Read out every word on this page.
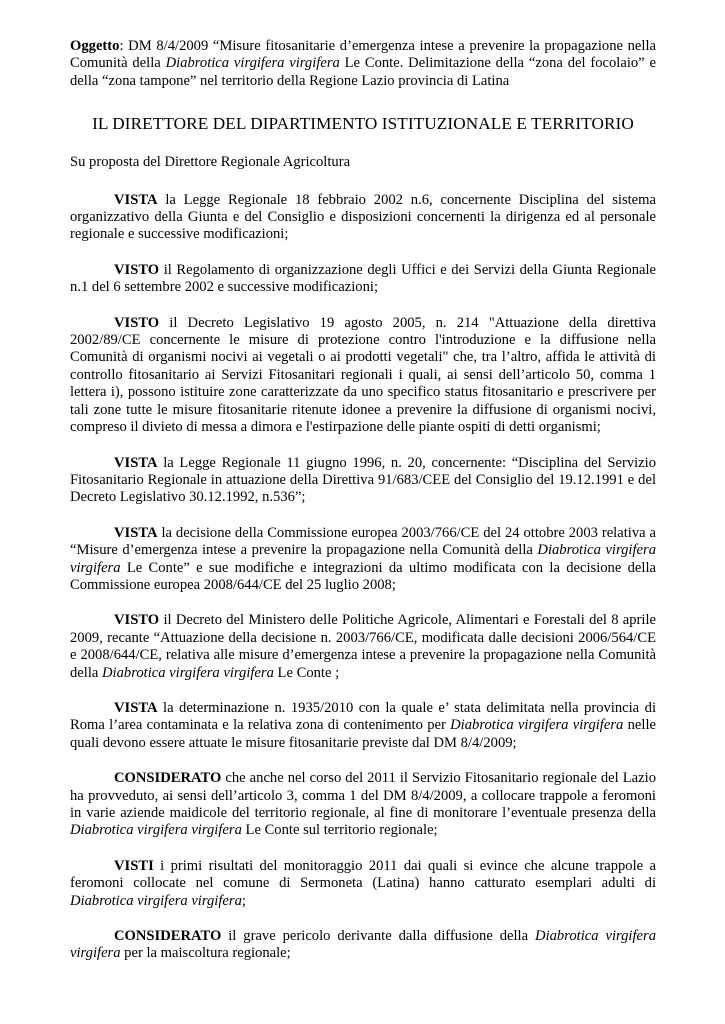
Oggetto: DM 8/4/2009 “Misure fitosanitarie d’emergenza intese a prevenire la propagazione nella Comunità della Diabrotica virgifera virgifera Le Conte. Delimitazione della “zona del focolaio” e della “zona tampone” nel territorio della Regione Lazio provincia di Latina

IL DIRETTORE DEL DIPARTIMENTO ISTITUZIONALE E TERRITORIO

Su proposta del Direttore Regionale Agricoltura

VISTA la Legge Regionale 18 febbraio 2002 n.6, concernente Disciplina del sistema organizzativo della Giunta e del Consiglio e disposizioni concernenti la dirigenza ed al personale regionale e successive modificazioni;

VISTO il Regolamento di organizzazione degli Uffici e dei Servizi della Giunta Regionale n.1 del 6 settembre 2002 e successive modificazioni;

VISTO il Decreto Legislativo 19 agosto 2005, n. 214 "Attuazione della direttiva 2002/89/CE concernente le misure di protezione contro l'introduzione e la diffusione nella Comunità di organismi nocivi ai vegetali o ai prodotti vegetali" che, tra l’altro, affida le attività di controllo fitosanitario ai Servizi Fitosanitari regionali i quali, ai sensi dell’articolo 50, comma 1 lettera i), possono istituire zone caratterizzate da uno specifico status fitosanitario e prescrivere per tali zone tutte le misure fitosanitarie ritenute idonee a prevenire la diffusione di organismi nocivi, compreso il divieto di messa a dimora e l'estirpazione delle piante ospiti di detti organismi;

VISTA la Legge Regionale 11 giugno 1996, n. 20, concernente: “Disciplina del Servizio Fitosanitario Regionale in attuazione della Direttiva 91/683/CEE del Consiglio del 19.12.1991 e del Decreto Legislativo 30.12.1992, n.536”;

VISTA la decisione della Commissione europea 2003/766/CE del 24 ottobre 2003 relativa a “Misure d’emergenza intese a prevenire la propagazione nella Comunità della Diabrotica virgifera virgifera Le Conte” e sue modifiche e integrazioni da ultimo modificata con la decisione della Commissione europea 2008/644/CE del 25 luglio 2008;

VISTO il Decreto del Ministero delle Politiche Agricole, Alimentari e Forestali del 8 aprile 2009, recante “Attuazione della decisione n. 2003/766/CE, modificata dalle decisioni 2006/564/CE e 2008/644/CE, relativa alle misure d’emergenza intese a prevenire la propagazione nella Comunità della Diabrotica virgifera virgifera Le Conte ;

VISTA la determinazione n. 1935/2010 con la quale e’ stata delimitata nella provincia di Roma l’area contaminata e la relativa zona di contenimento per Diabrotica virgifera virgifera nelle quali devono essere attuate le misure fitosanitarie previste dal DM 8/4/2009;

CONSIDERATO che anche nel corso del 2011 il Servizio Fitosanitario regionale del Lazio ha provveduto, ai sensi dell’articolo 3, comma 1 del DM 8/4/2009, a collocare trappole a feromoni in varie aziende maidicole del territorio regionale, al fine di monitorare l’eventuale presenza della Diabrotica virgifera virgifera Le Conte sul territorio regionale;

VISTI i primi risultati del monitoraggio 2011 dai quali si evince che alcune trappole a feromoni collocate nel comune di Sermoneta (Latina) hanno catturato esemplari adulti di Diabrotica virgifera virgifera;

CONSIDERATO il grave pericolo derivante dalla diffusione della Diabrotica virgifera virgifera per la maiscoltura regionale;
